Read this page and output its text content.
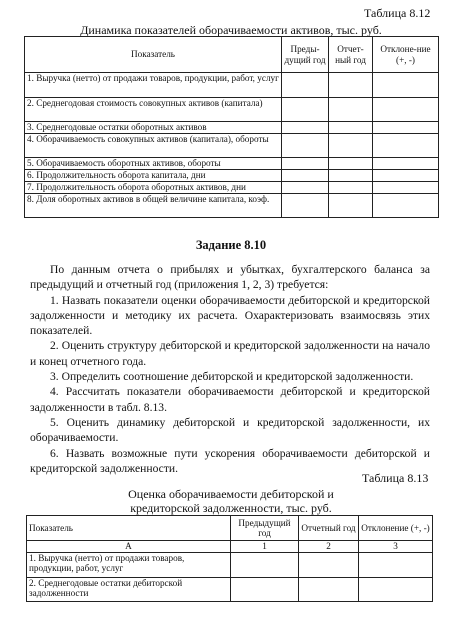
Таблица 8.12
Динамика показателей оборачиваемости активов, тыс. руб.
Показатель	Преды-дущий год	Отчет-ный год	Отклоне-ние (+, -)
1. Выручка (нетто) от продажи товаров, продукции, работ, услуг			
2. Среднегодовая стоимость совокупных активов (капитала)			
3. Среднегодовые остатки оборотных активов			
4. Оборачиваемость совокупных активов (капитала), обороты			
5. Оборачиваемость оборотных активов, обороты			
6. Продолжительность оборота капитала, дни			
7. Продолжительность оборота оборотных активов, дни			
8. Доля оборотных активов в общей величине капитала, коэф.			
Задание 8.10

По данным отчета о прибылях и убытках, бухгалтерского баланса за предыдущий и отчетный год (приложения 1, 2, 3) требуется:

1. Назвать показатели оценки оборачиваемости дебиторской и кредиторской задолженности и методику их расчета. Охарактеризовать взаимосвязь этих показателей.

2. Оценить структуру дебиторской и кредиторской задолженности на начало и конец отчетного года.

3. Определить соотношение дебиторской и кредиторской задолженности.

4. Рассчитать показатели оборачиваемости дебиторской и кредиторской задолженности в табл. 8.13.

5. Оценить динамику дебиторской и кредиторской задолженности, их оборачиваемости.

6. Назвать возможные пути ускорения оборачиваемости дебиторской и кредиторской задолженности.

Таблица 8.13
Оценка оборачиваемости дебиторской и
кредиторской задолженности, тыс. руб.
Показатель	Предыдущий год	Отчетный год	Отклонение (+, -)
А	1	2	3
1. Выручка (нетто) от продажи товаров, продукции, работ, услуг			
2. Среднегодовые остатки дебиторской задолженности			
